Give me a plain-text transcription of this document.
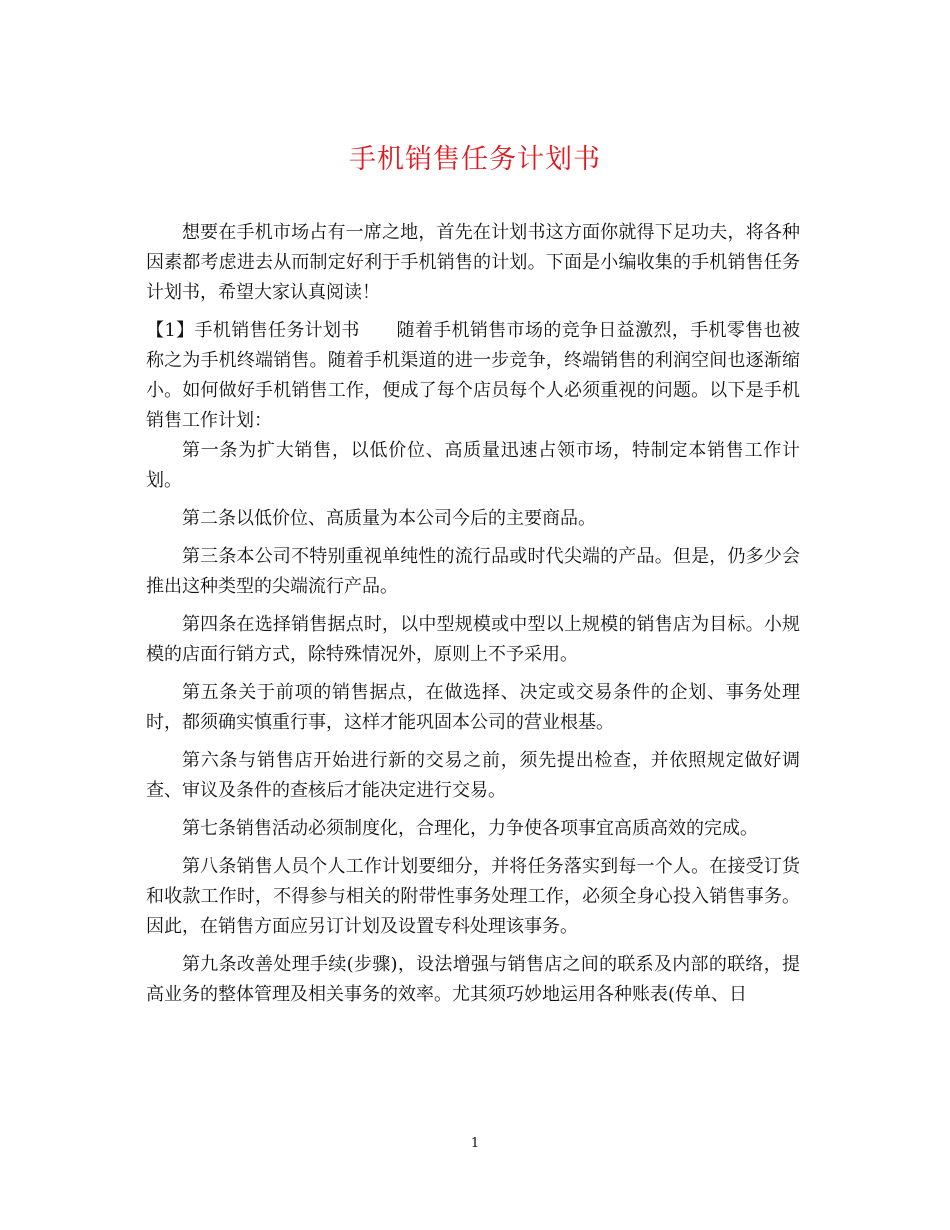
手机销售任务计划书

想要在手机市场占有一席之地，首先在计划书这方面你就得下足功夫，将各种因素都考虑进去从而制定好利于手机销售的计划。下面是小编收集的手机销售任务计划书，希望大家认真阅读！

【1】手机销售任务计划书　　随着手机销售市场的竞争日益激烈，手机零售也被称之为手机终端销售。随着手机渠道的进一步竞争，终端销售的利润空间也逐渐缩小。如何做好手机销售工作，便成了每个店员每个人必须重视的问题。以下是手机销售工作计划：

第一条为扩大销售，以低价位、高质量迅速占领市场，特制定本销售工作计划。

第二条以低价位、高质量为本公司今后的主要商品。

第三条本公司不特别重视单纯性的流行品或时代尖端的产品。但是，仍多少会推出这种类型的尖端流行产品。

第四条在选择销售据点时，以中型规模或中型以上规模的销售店为目标。小规模的店面行销方式，除特殊情况外，原则上不予采用。

第五条关于前项的销售据点，在做选择、决定或交易条件的企划、事务处理时，都须确实慎重行事，这样才能巩固本公司的营业根基。

第六条与销售店开始进行新的交易之前，须先提出检查，并依照规定做好调查、审议及条件的查核后才能决定进行交易。

第七条销售活动必须制度化，合理化，力争使各项事宜高质高效的完成。

第八条销售人员个人工作计划要细分，并将任务落实到每一个人。在接受订货和收款工作时，不得参与相关的附带性事务处理工作，必须全身心投入销售事务。因此，在销售方面应另订计划及设置专科处理该事务。

第九条改善处理手续(步骤)，设法增强与销售店之间的联系及内部的联络，提高业务的整体管理及相关事务的效率。尤其须巧妙地运用各种账表(传单、日

1
